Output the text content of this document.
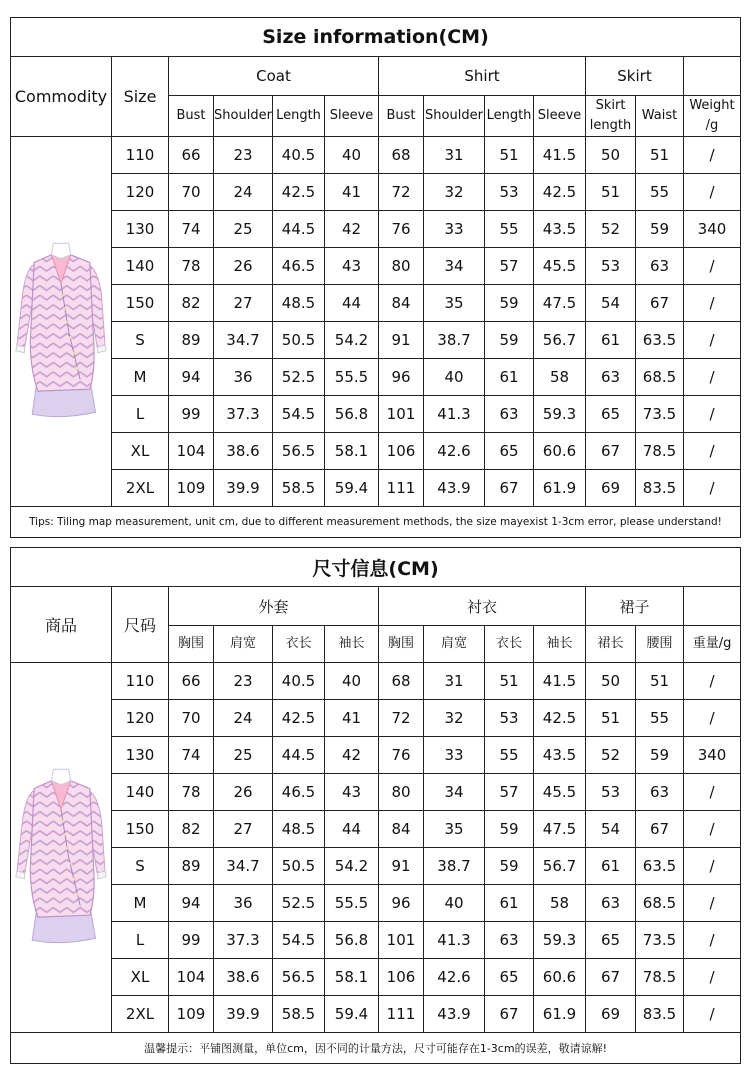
Size information(CM)												
Commodity	Size	Coat				Shirt				Skirt		
		Bust	Shoulder	Length	Sleeve	Bust	Shoulder	Length	Sleeve	Skirt length	Waist	Weight /g

	110	66	23	40.5	40	68	31	51	41.5	50	51	/
	120	70	24	42.5	41	72	32	53	42.5	51	55	/
	130	74	25	44.5	42	76	33	55	43.5	52	59	340
	140	78	26	46.5	43	80	34	57	45.5	53	63	/
	150	82	27	48.5	44	84	35	59	47.5	54	67	/
	S	89	34.7	50.5	54.2	91	38.7	59	56.7	61	63.5	/
	M	94	36	52.5	55.5	96	40	61	58	63	68.5	/
	L	99	37.3	54.5	56.8	101	41.3	63	59.3	65	73.5	/
	XL	104	38.6	56.5	58.1	106	42.6	65	60.6	67	78.5	/
	2XL	109	39.9	58.5	59.4	111	43.9	67	61.9	69	83.5	/
Tips: Tiling map measurement, unit cm, due to different measurement methods, the size mayexist 1-3cm error, please understand!												
尺寸信息(CM)												
商品	尺码	外套				衬衣				裙子		
		胸围	肩宽	衣长	袖长	胸围	肩宽	衣长	袖长	裙长	腰围	重量/g

	110	66	23	40.5	40	68	31	51	41.5	50	51	/
	120	70	24	42.5	41	72	32	53	42.5	51	55	/
	130	74	25	44.5	42	76	33	55	43.5	52	59	340
	140	78	26	46.5	43	80	34	57	45.5	53	63	/
	150	82	27	48.5	44	84	35	59	47.5	54	67	/
	S	89	34.7	50.5	54.2	91	38.7	59	56.7	61	63.5	/
	M	94	36	52.5	55.5	96	40	61	58	63	68.5	/
	L	99	37.3	54.5	56.8	101	41.3	63	59.3	65	73.5	/
	XL	104	38.6	56.5	58.1	106	42.6	65	60.6	67	78.5	/
	2XL	109	39.9	58.5	59.4	111	43.9	67	61.9	69	83.5	/
温馨提示：平铺图测量，单位cm，因不同的计量方法，尺寸可能存在1-3cm的误差，敬请谅解!												
